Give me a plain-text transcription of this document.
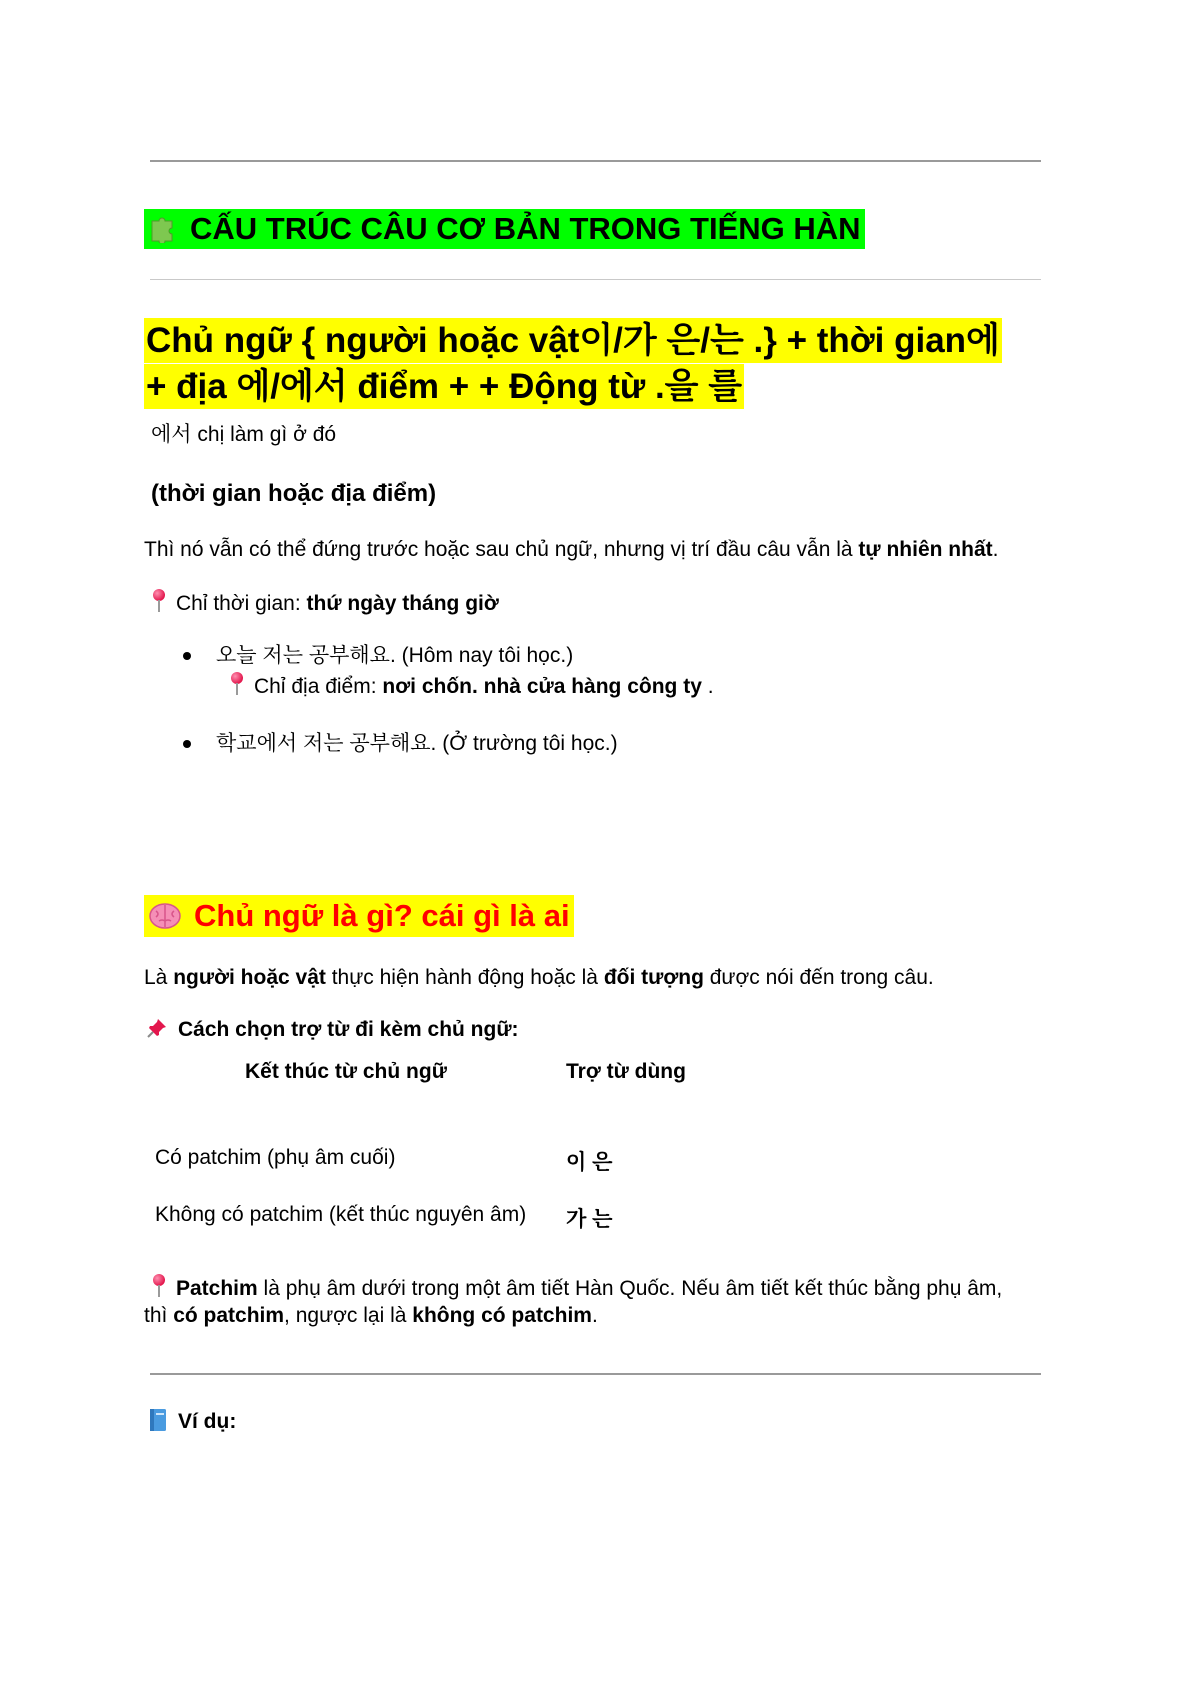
CẤU TRÚC CÂU CƠ BẢN TRONG TIẾNG HÀN
Chủ ngữ { người hoặc vật이/가 은/는 .} + thời gian에
+ địa 에/에서 điểm + + Động từ .을 를
에서 chị làm gì ở đó
(thời gian hoặc địa điểm)
Thì nó vẫn có thể đứng trước hoặc sau chủ ngữ, nhưng vị trí đầu câu vẫn là tự nhiên nhất.
Chỉ thời gian: thứ ngày tháng giờ
오늘 저는 공부해요. (Hôm nay tôi học.)
Chỉ địa điểm: nơi chốn. nhà cửa hàng công ty .
학교에서 저는 공부해요. (Ở trường tôi học.)
Chủ ngữ là gì? cái gì là ai
Là người hoặc vật thực hiện hành động hoặc là đối tượng được nói đến trong câu.
Cách chọn trợ từ đi kèm chủ ngữ:
Kết thúc từ chủ ngữ	Trợ từ dùng
Có patchim (phụ âm cuối)	이 은
Không có patchim (kết thúc nguyên âm) 가 는
Patchim là phụ âm dưới trong một âm tiết Hàn Quốc. Nếu âm tiết kết thúc bằng phụ âm,
thì có patchim, ngược lại là không có patchim.
Ví dụ:
